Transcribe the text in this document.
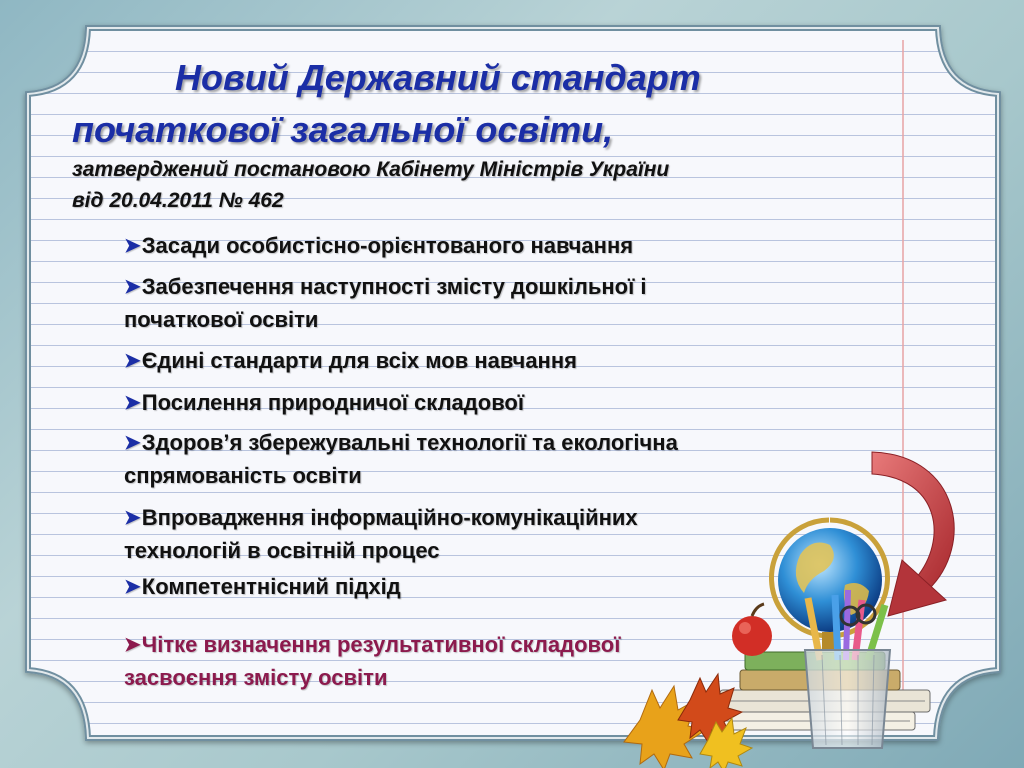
Новий Державний стандарт
початкової загальної освіти,

затверджений постановою Кабінету Міністрів України

від 20.04.2011 № 462

➤Засади особистісно-орієнтованого навчання

➤Забезпечення наступності змісту дошкільної і

початкової освіти

➤Єдині стандарти для всіх мов навчання

➤Посилення природничої складової

➤Здоров’я збережувальні технології та екологічна

спрямованість освіти

➤Впровадження інформаційно-комунікаційних

технологій в освітній процес

➤Компетентнісний підхід

➤Чітке визначення результативної складової

засвоєння змісту освіти
